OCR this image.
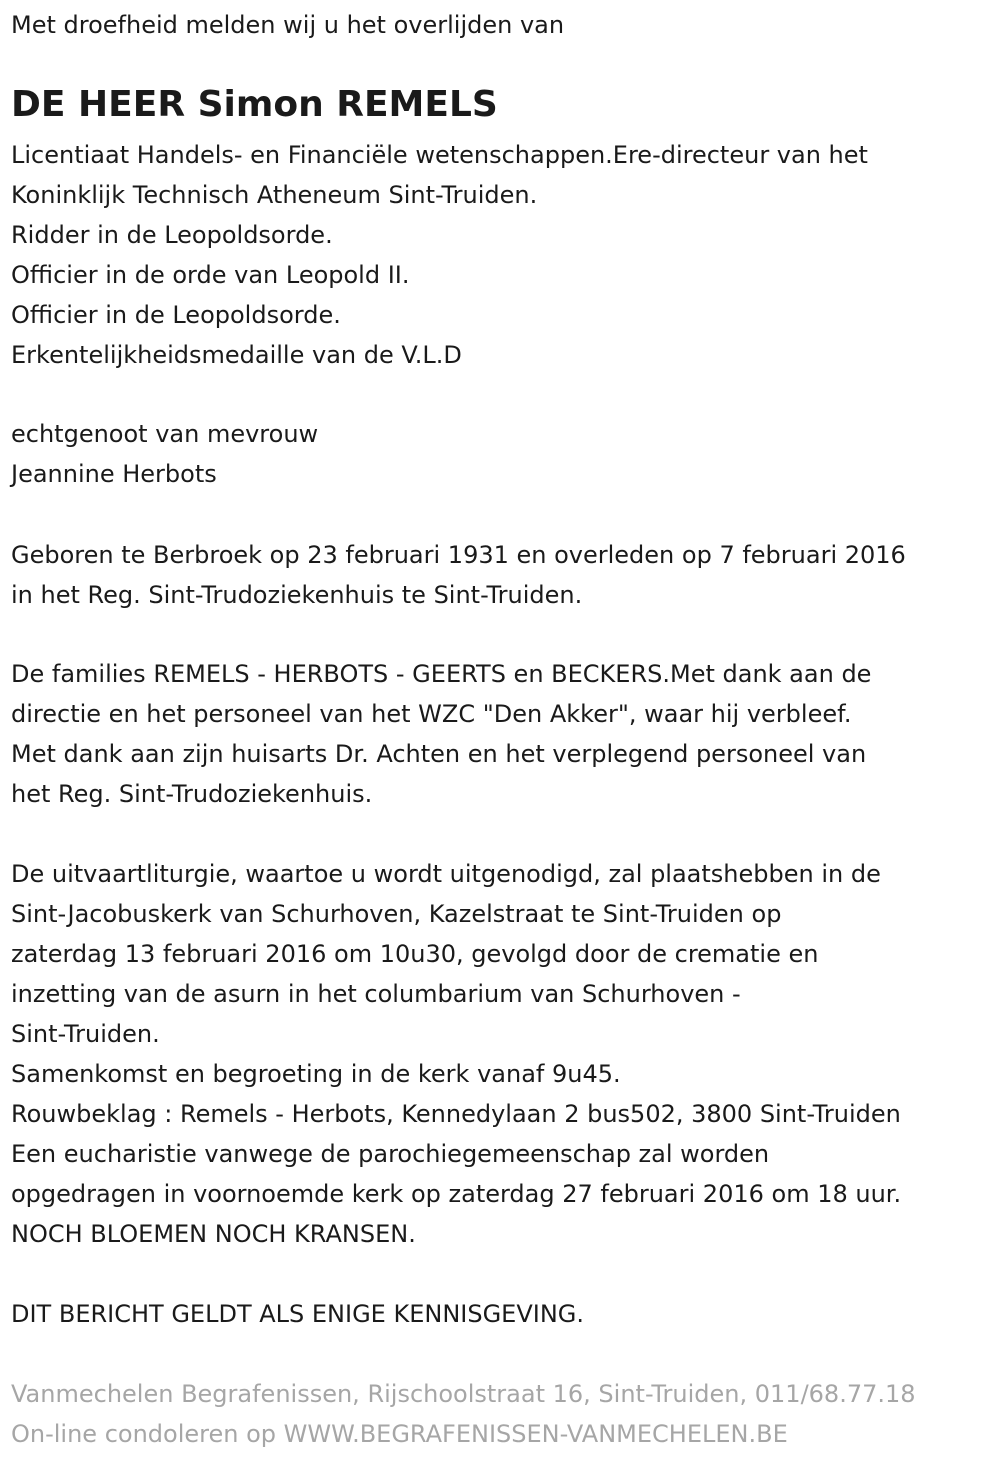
Met droefheid melden wij u het overlijden van
DE HEER Simon REMELS
Licentiaat Handels- en Financiële wetenschappen.Ere-directeur van het
Koninklijk Technisch Atheneum Sint-Truiden.
Ridder in de Leopoldsorde.
Officier in de orde van Leopold II.
Officier in de Leopoldsorde.
Erkentelijkheidsmedaille van de V.L.D
echtgenoot van mevrouw
Jeannine Herbots
Geboren te Berbroek op 23 februari 1931 en overleden op 7 februari 2016
in het Reg. Sint-Trudoziekenhuis te Sint-Truiden.
De families REMELS - HERBOTS - GEERTS en BECKERS.Met dank aan de
directie en het personeel van het WZC "Den Akker", waar hij verbleef.
Met dank aan zijn huisarts Dr. Achten en het verplegend personeel van
het Reg. Sint-Trudoziekenhuis.
De uitvaartliturgie, waartoe u wordt uitgenodigd, zal plaatshebben in de
Sint-Jacobuskerk van Schurhoven, Kazelstraat te Sint-Truiden op
zaterdag 13 februari 2016 om 10u30, gevolgd door de crematie en
inzetting van de asurn in het columbarium van Schurhoven -
Sint-Truiden.
Samenkomst en begroeting in de kerk vanaf 9u45.
Rouwbeklag : Remels - Herbots, Kennedylaan 2 bus502, 3800 Sint-Truiden
Een eucharistie vanwege de parochiegemeenschap zal worden
opgedragen in voornoemde kerk op zaterdag 27 februari 2016 om 18 uur.
NOCH BLOEMEN NOCH KRANSEN.
DIT BERICHT GELDT ALS ENIGE KENNISGEVING.
Vanmechelen Begrafenissen, Rijschoolstraat 16, Sint-Truiden, 011/68.77.18
On-line condoleren op WWW.BEGRAFENISSEN-VANMECHELEN.BE
